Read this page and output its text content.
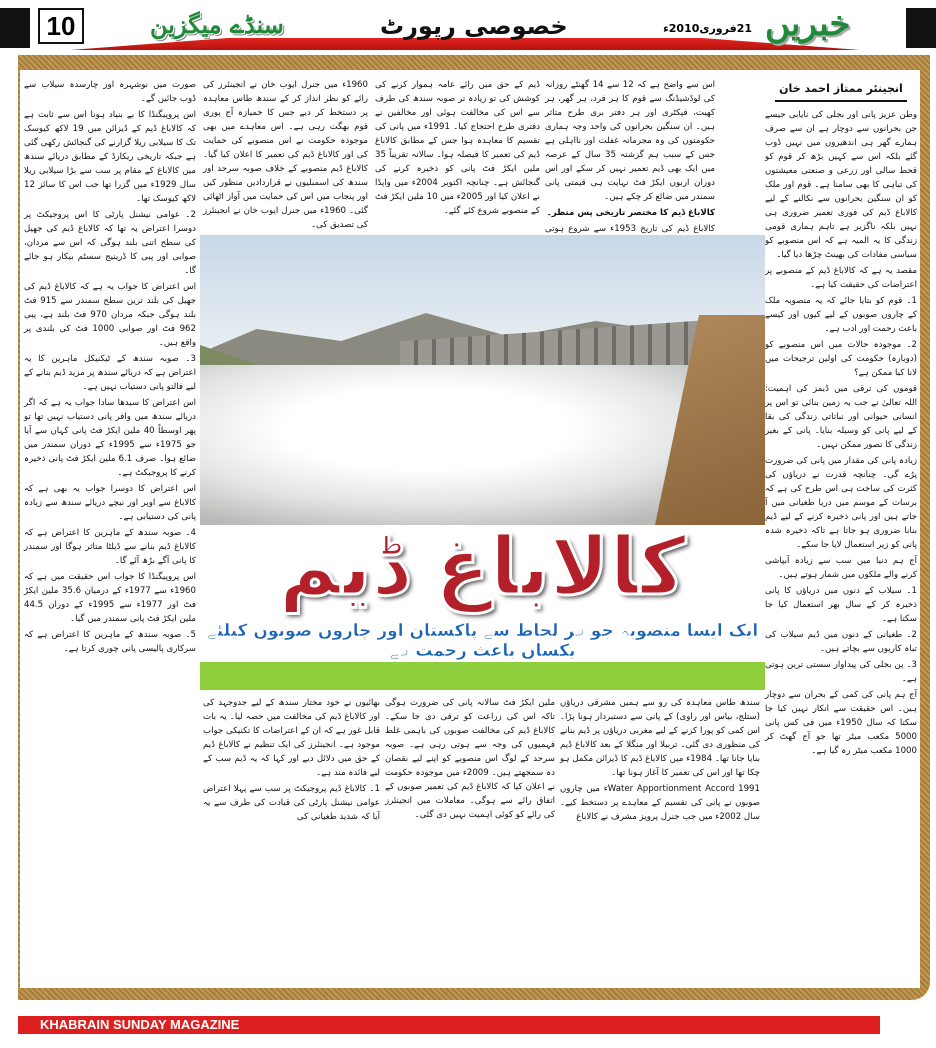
10	سنڈے میگزین	خصوصی رپورٹ	21فروری2010ء خبریں
انجینئر ممتاز احمد خان

وطن عزیز پانی اور بجلی کی نایابی جیسے جن بحرانوں سے دوچار ہے ان سے صرف ہمارے گھر ہی اندھیروں میں نہیں ڈوب گئے بلکہ اس سے کہیں بڑھ کر قوم کو قحط سالی اور زرعی و صنعتی معیشتوں کی تباہی کا بھی سامنا ہے۔ قوم اور ملک کو ان سنگین بحرانوں سے نکالنے کے لیے کالاباغ ڈیم کی فوری تعمیر ضروری ہی نہیں بلکہ ناگزیر ہے تاہم ہماری قومی زندگی کا یہ المیہ ہے کہ اس منصوبے کو سیاسی مفادات کی بھینٹ چڑھا دیا گیا۔

مقصد یہ ہے کہ کالاباغ ڈیم کے منصوبے پر اعتراضات کی حقیقت کیا ہے۔

1۔ قوم کو بتایا جائے کہ یہ منصوبہ ملک کے چاروں صوبوں کے لیے کیوں اور کیسے باعث رحمت اور ادب ہے۔

2۔ موجودہ حالات میں اس منصوبے کو (دوبارہ) حکومت کی اولین ترجیحات میں لانا کیا ممکن ہے؟

قوموں کی ترقی میں ڈیمز کی اہمیت: اللہ تعالیٰ نے جب یہ زمین بنائی تو اس پر انسانی حیوانی اور نباتاتی زندگی کی بقا کے لیے پانی کو وسیلہ بنایا۔ پانی کے بغیر زندگی کا تصور ممکن نہیں۔

زیادہ پانی کی مقدار میں پانی کی ضرورت پڑے گی۔ چنانچہ قدرت نے دریاؤں کی کثرت کی ساخت ہی اس طرح کی ہے کہ برسات کے موسم میں دریا طغیانی میں آ جاتے ہیں اور پانی ذخیرہ کرنے کے لیے ڈیم بنانا ضروری ہو جاتا ہے تاکہ ذخیرہ شدہ پانی کو زیر استعمال لایا جا سکے۔

آج ہم دنیا میں سب سے زیادہ آبپاشی کرنے والے ملکوں میں شمار ہوتے ہیں۔

1۔ سیلاب کے دنوں میں دریاؤں کا پانی ذخیرہ کر کے سال بھر استعمال کیا جا سکتا ہے۔

2۔ طغیانی کے دنوں میں ڈیم سیلاب کی تباہ کاریوں سے بچاتے ہیں۔

3۔ پن بجلی کی پیداوار سستی ترین ہوتی ہے۔

آج ہم پانی کی کمی کے بحران سے دوچار ہیں۔ اس حقیقت سے انکار نہیں کیا جا سکتا کہ سال 1950ء میں فی کس پانی 5000 مکعب میٹر تھا جو آج گھٹ کر 1000 مکعب میٹر رہ گیا ہے۔

اس سے واضح ہے کہ 12 سے 14 گھنٹے روزانہ کی لوڈشیڈنگ سے قوم کا ہر فرد، ہر گھر، ہر کھیت، فیکٹری اور ہر دفتر بری طرح متاثر ہیں۔ ان سنگین بحرانوں کی واحد وجہ ہماری حکومتوں کی وہ مجرمانہ غفلت اور نااہلی ہے جس کے سبب ہم گزشتہ 35 سال کے عرصہ میں ایک بھی ڈیم تعمیر نہیں کر سکے اور اس دوران اربوں ایکڑ فٹ نہایت ہی قیمتی پانی سمندر میں ضائع کر چکے ہیں۔

کالاباغ ڈیم کا مختصر تاریخی پس منظر۔

کالاباغ ڈیم کی تاریخ 1953ء سے شروع ہوتی

ڈیم کے حق میں رائے عامہ ہموار کرنے کی کوشش کی تو زیادہ تر صوبہ سندھ کی طرف سے اس کی مخالفت ہوئی اور مخالفین نے دفتری طرح احتجاج کیا۔ 1991ء میں پانی کی تقسیم کا معاہدہ ہوا جس کے مطابق کالاباغ ڈیم کی تعمیر کا فیصلہ ہوا۔ سالانہ تقریباً 35 ملین ایکڑ فٹ پانی کو ذخیرہ کرنے کی گنجائش ہے۔ چنانچہ اکتوبر 2004ء میں واپڈا نے اعلان کیا اور 2005ء میں 10 ملین ایکڑ فٹ کے منصوبے شروع کئے گئے۔

1960ء میں جنرل ایوب خان نے انجینئرز کی رائے کو نظر انداز کر کے سندھ طاس معاہدہ پر دستخط کر دیے جس کا خمیازہ آج پوری قوم بھگت رہی ہے۔ اس معاہدے میں بھی موجودہ حکومت نے اس منصوبے کی حمایت کی اور کالاباغ ڈیم کی تعمیر کا اعلان کیا گیا۔ کالاباغ ڈیم منصوبے کے خلاف صوبہ سرحد اور سندھ کی اسمبلیوں نے قراردادیں منظور کیں اور پنجاب میں اس کی حمایت میں آواز اٹھائی گئی۔ 1960ء میں جنرل ایوب خان نے انجینئرز کی تصدیق کی۔

صورت میں نوشہرہ اور چارسدہ سیلاب سے ڈوب جائیں گے۔

اس پروپیگنڈا کا بے بنیاد ہونا اس سے ثابت ہے کہ کالاباغ ڈیم کے ڈیزائن میں 19 لاکھ کیوسک تک کا سیلابی ریلا گزارنے کی گنجائش رکھی گئی ہے جبکہ تاریخی ریکارڈ کے مطابق دریائے سندھ میں کالاباغ کے مقام پر سب سے بڑا سیلابی ریلا سال 1929ء میں گزرا تھا جب اس کا سائز 12 لاکھ کیوسک تھا۔

2۔ عوامی نیشنل پارٹی کا اس پروجیکٹ پر دوسرا اعتراض یہ تھا کہ کالاباغ ڈیم کی جھیل کی سطح اتنی بلند ہوگی کہ اس سے مردان، صوابی اور پبی کا ڈرینیج سسٹم بیکار ہو جائے گا۔

اس اعتراض کا جواب یہ ہے کہ کالاباغ ڈیم کی جھیل کی بلند ترین سطح سمندر سے 915 فٹ بلند ہوگی جبکہ مردان 970 فٹ بلند ہے، پبی 962 فٹ اور صوابی 1000 فٹ کی بلندی پر واقع ہیں۔

3۔ صوبہ سندھ کے ٹیکنیکل ماہرین کا یہ اعتراض ہے کہ دریائے سندھ پر مزید ڈیم بنانے کے لیے فالتو پانی دستیاب نہیں ہے۔

اس اعتراض کا سیدھا سادا جواب یہ ہے کہ اگر دریائے سندھ میں وافر پانی دستیاب نہیں تھا تو پھر اوسطاً 40 ملین ایکڑ فٹ پانی کہاں سے آیا جو 1975ء سے 1995ء کے دوران سمندر میں ضائع ہوا۔ صرف 6.1 ملین ایکڑ فٹ پانی ذخیرہ کرنے کا پروجیکٹ ہے۔

اس اعتراض کا دوسرا جواب یہ بھی ہے کہ کالاباغ سے اوپر اور نیچے دریائے سندھ سے زیادہ پانی کی دستیابی ہے۔

4۔ صوبہ سندھ کے ماہرین کا اعتراض ہے کہ کالاباغ ڈیم بنانے سے ڈیلٹا متاثر ہوگا اور سمندر کا پانی آگے بڑھ آئے گا۔

اس پروپیگنڈا کا جواب اس حقیقت میں ہے کہ 1960ء سے 1977ء کے درمیان 35.6 ملین ایکڑ فٹ اور 1977ء سے 1995ء کے دوران 44.5 ملین ایکڑ فٹ پانی سمندر میں گیا۔

5۔ صوبہ سندھ کے ماہرین کا اعتراض ہے کہ سرکاری پالیسی پانی چوری کرتا ہے۔

کالاباغ ڈیم
ایک ایسا منصوبہ جو ہر لحاظ سے پاکستان اور چاروں صوبوں کیلئے یکساں باعث رحمت ہے

سندھ طاس معاہدہ کی رو سے ہمیں مشرقی دریاؤں (ستلج، بیاس اور راوی) کے پانی سے دستبردار ہونا پڑا۔ اس کمی کو پورا کرنے کے لیے مغربی دریاؤں پر ڈیم بنانے کی منظوری دی گئی۔ تربیلا اور منگلا کے بعد کالاباغ ڈیم بنایا جانا تھا۔ 1984ء میں کالاباغ ڈیم کا ڈیزائن مکمل ہو چکا تھا اور اس کی تعمیر کا آغاز ہونا تھا۔

Water Apportionment Accord 1991ء میں چاروں صوبوں نے پانی کی تقسیم کے معاہدے پر دستخط کیے۔ سال 2002ء میں جب جنرل پرویز مشرف نے کالاباغ

ملین ایکڑ فٹ سالانہ پانی کی ضرورت ہوگی تاکہ اس کی زراعت کو ترقی دی جا سکے۔ کالاباغ ڈیم کی مخالفت صوبوں کی باہمی غلط فہمیوں کی وجہ سے ہوتی رہی ہے۔ صوبہ سرحد کے لوگ اس منصوبے کو اپنے لیے نقصان دہ سمجھتے ہیں۔ 2009ء میں موجودہ حکومت نے اعلان کیا کہ کالاباغ ڈیم کی تعمیر صوبوں کے اتفاق رائے سے ہوگی۔ معاملات میں انجینئرز کی رائے کو کوئی اہمیت نہیں دی گئی۔

بھائیوں نے خود مختار سندھ کے لیے جدوجہد کی اور کالاباغ ڈیم کی مخالفت میں حصہ لیا۔ یہ بات قابل غور ہے کہ ان کے اعتراضات کا تکنیکی جواب موجود ہے۔ انجینئرز کی ایک تنظیم نے کالاباغ ڈیم کے حق میں دلائل دیے اور کہا کہ یہ ڈیم سب کے لیے فائدہ مند ہے۔

1۔ کالاباغ ڈیم پروجیکٹ پر سب سے پہلا اعتراض عوامی نیشنل پارٹی کی قیادت کی طرف سے یہ آیا کہ شدید طغیانی کی

KHABRAIN SUNDAY MAGAZINE
